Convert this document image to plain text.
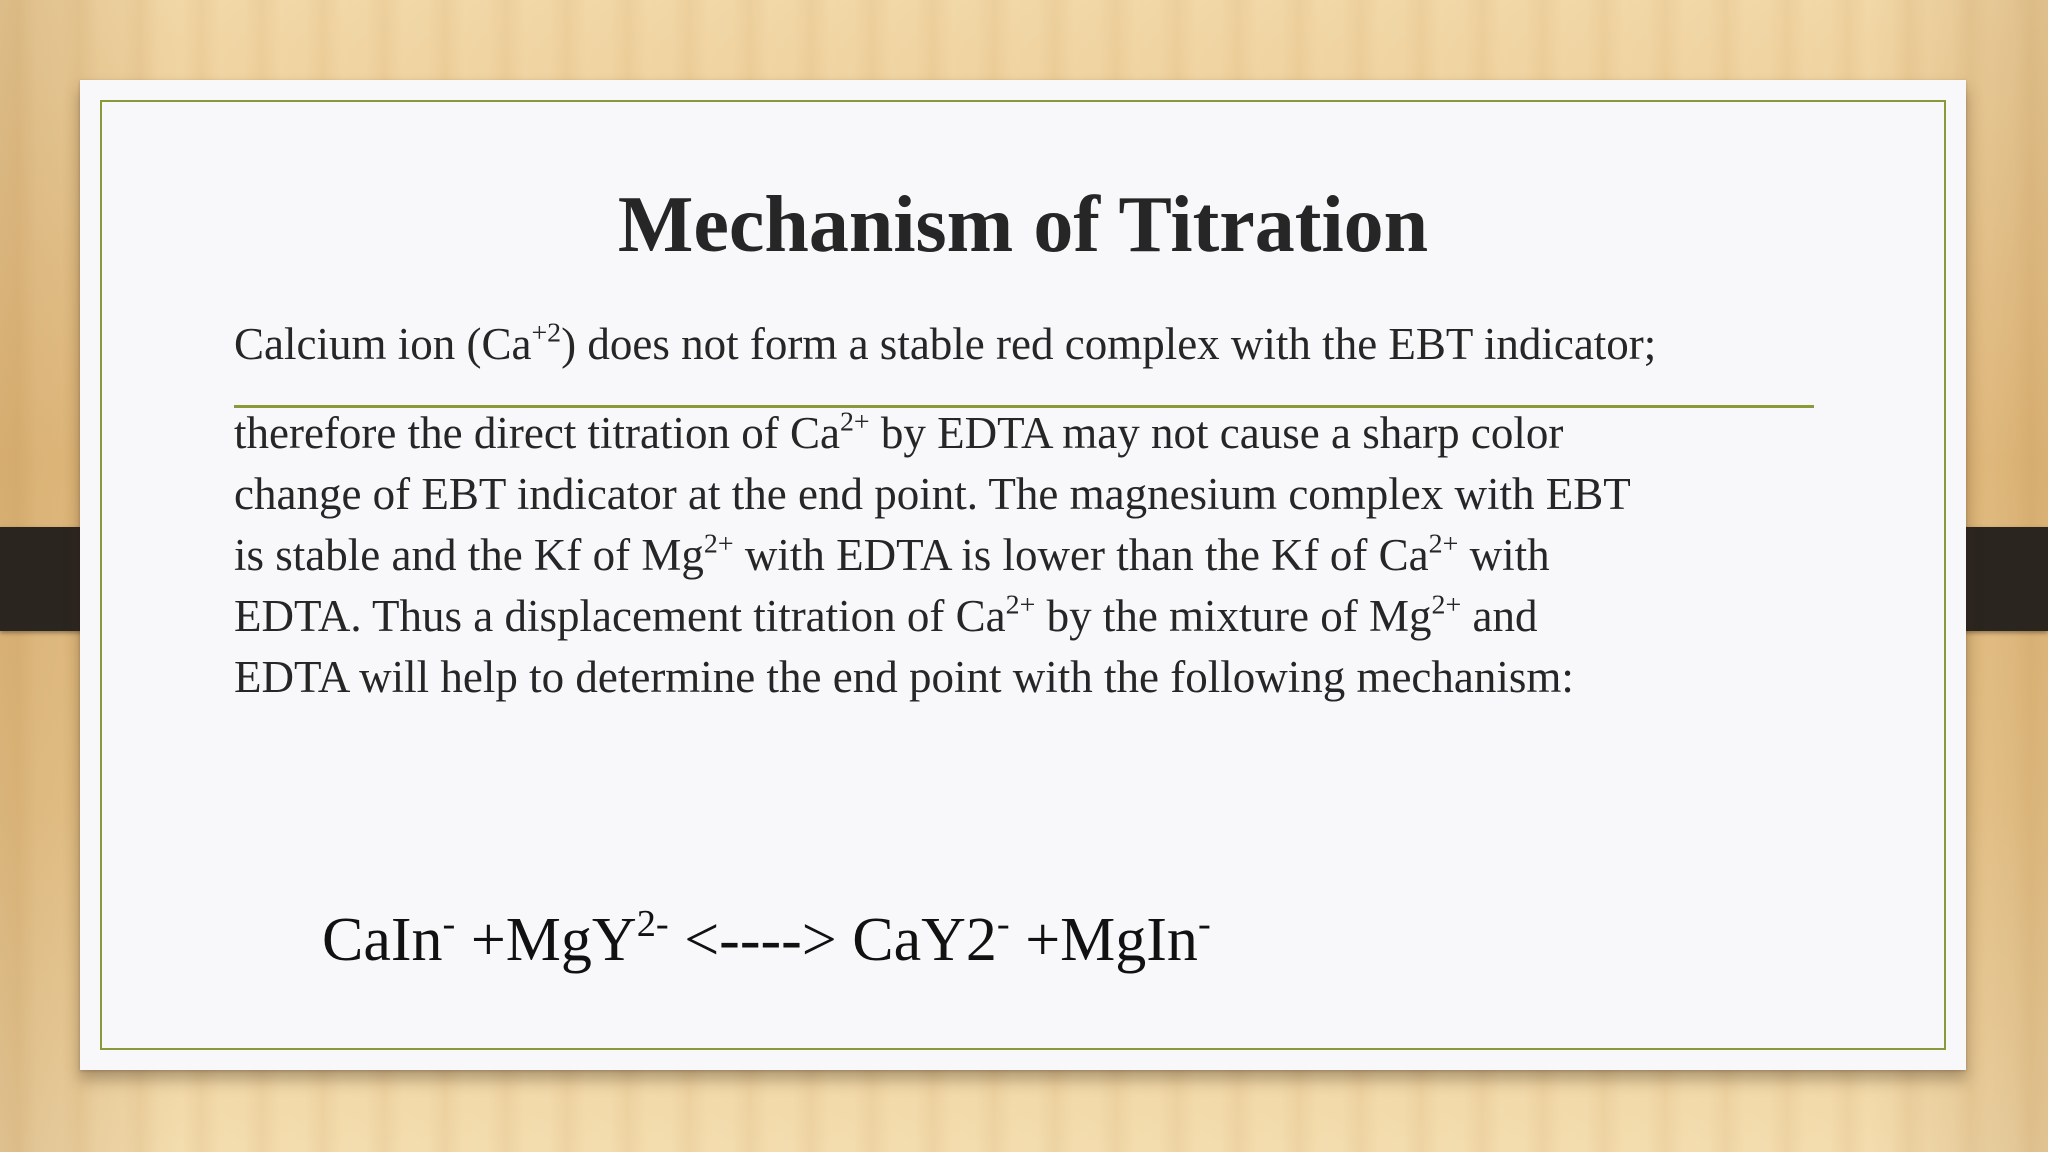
Mechanism of Titration
Calcium ion $(Ca^{+2})$ does not form a stable red complex with the EBT indicator;
therefore the direct titration of $Ca^{2+}$ by EDTA may not cause a sharp color
change of EBT indicator at the end point. The magnesium complex with EBT
is stable and the Kf of $Mg^{2+}$ with EDTA is lower than the Kf of $Ca^{2+}$ with
EDTA. Thus a displacement titration of $Ca^{2+}$ by the mixture of $Mg^{2+}$ and
EDTA will help to determine the end point with the following mechanism:
CaIn- +MgY$^{2-}$ <----> CaY2- +MgIn-
